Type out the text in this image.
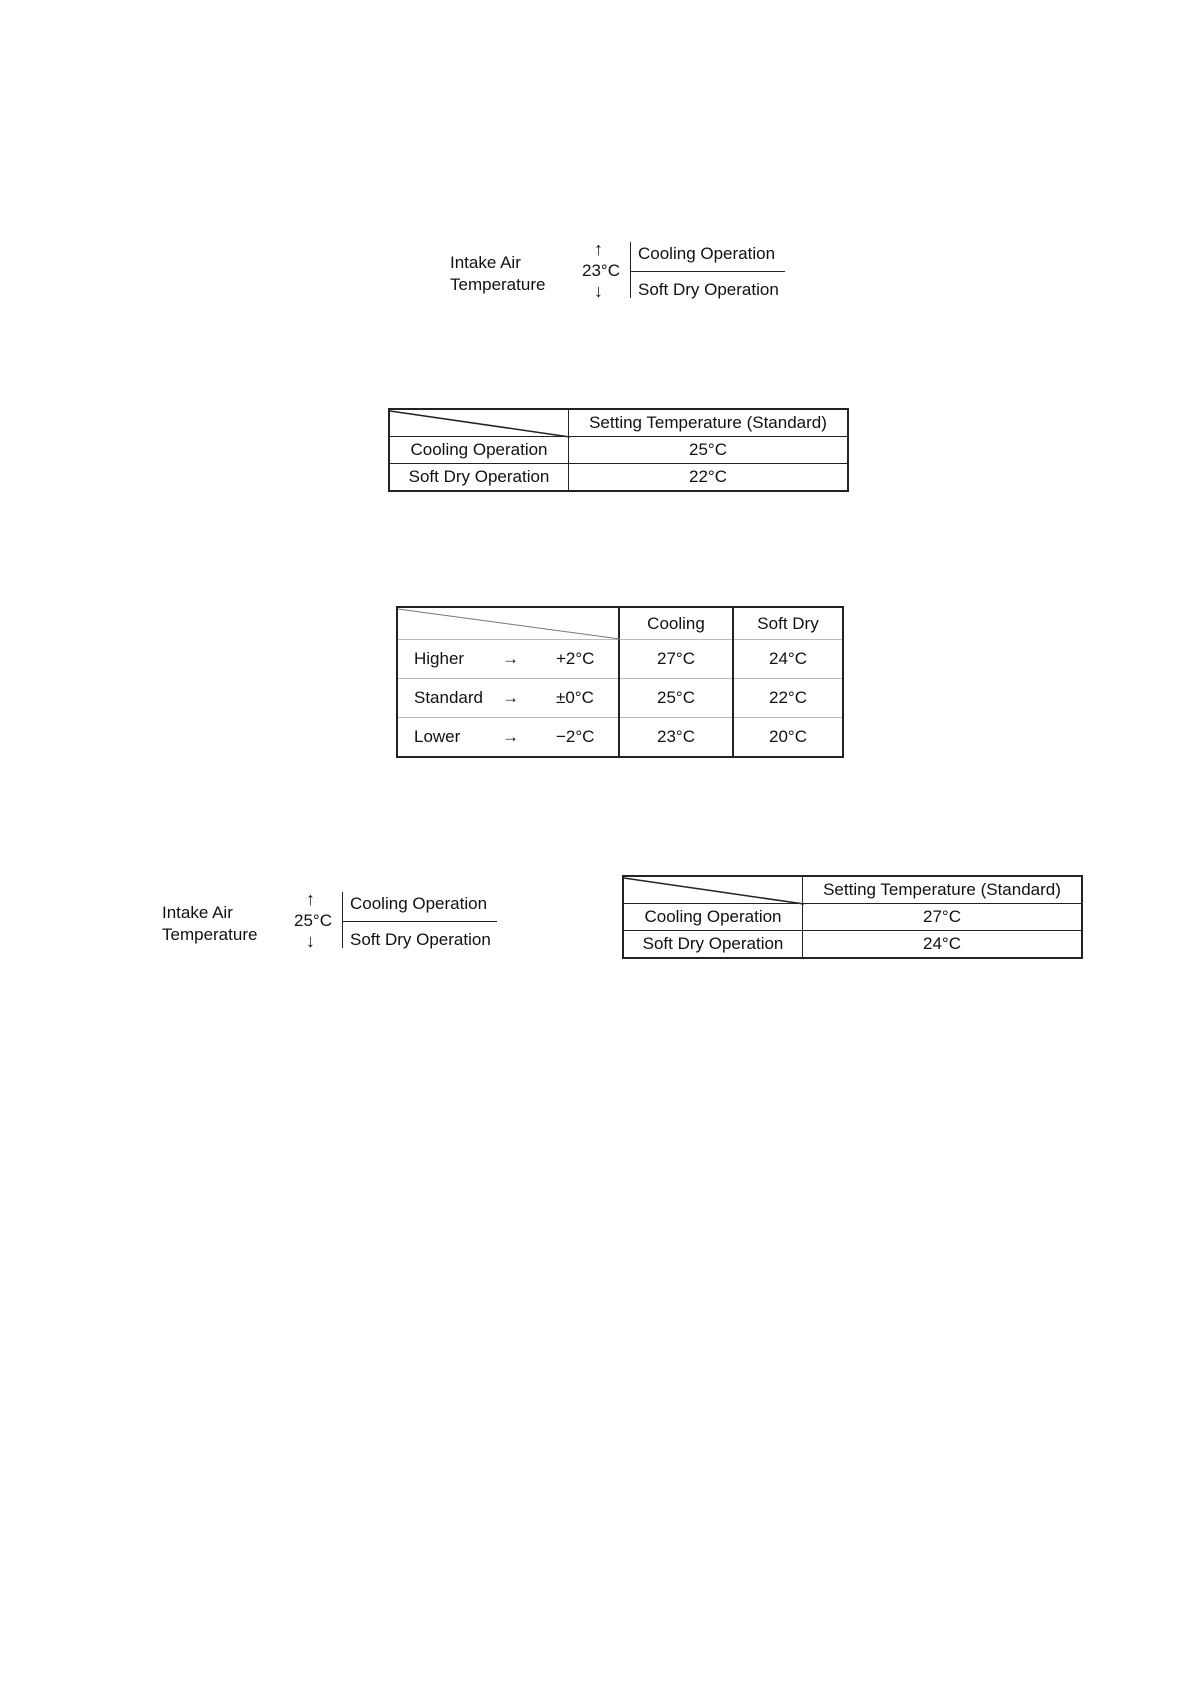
Intake Air
Temperature
↑
23°C
↓
Cooling Operation
Soft Dry Operation
	Setting Temperature (Standard)
Cooling Operation	25°C
Soft Dry Operation	22°C
	Cooling	Soft Dry

Higher → +2°C	27°C	24°C

Standard → ±0°C	25°C	22°C

Lower → −2°C	23°C	20°C
Intake Air
Temperature
↑
25°C
↓
Cooling Operation
Soft Dry Operation
	Setting Temperature (Standard)
Cooling Operation	27°C
Soft Dry Operation	24°C
